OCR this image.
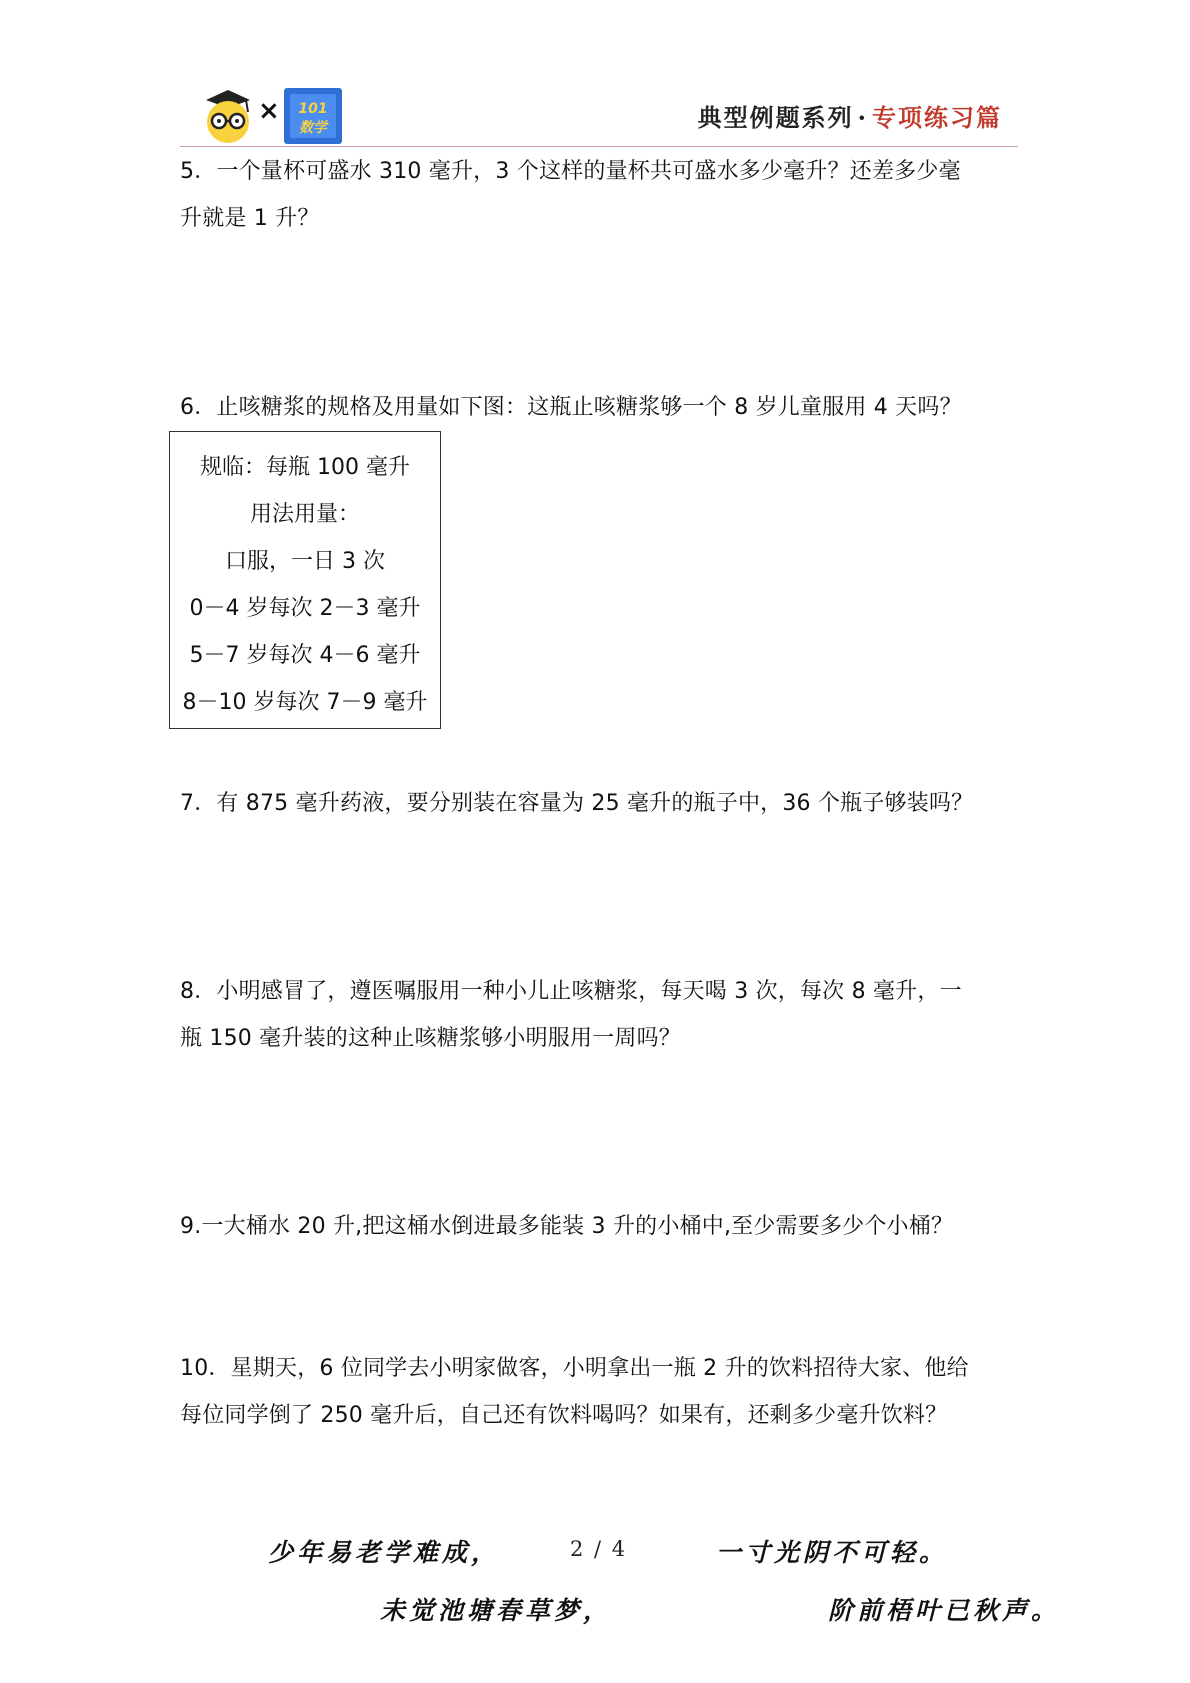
× 101
数学	典型例题系列 · 专项练习篇

5．一个量杯可盛水 310 毫升，3 个这样的量杯共可盛水多少毫升？还差多少毫

升就是 1 升？

6．止咳糖浆的规格及用量如下图：这瓶止咳糖浆够一个 8 岁儿童服用 4 天吗？

规临：每瓶 100 毫升

用法用量：

口服，一日 3 次

0－4 岁每次 2－3 毫升

5－7 岁每次 4－6 毫升

8－10 岁每次 7－9 毫升

7．有 875 毫升药液，要分别装在容量为 25 毫升的瓶子中，36 个瓶子够装吗？

8．小明感冒了，遵医嘱服用一种小儿止咳糖浆，每天喝 3 次，每次 8 毫升，一

瓶 150 毫升装的这种止咳糖浆够小明服用一周吗？

9.一大桶水 20 升,把这桶水倒进最多能装 3 升的小桶中,至少需要多少个小桶？

10．星期天，6 位同学去小明家做客，小明拿出一瓶 2 升的饮料招待大家、他给

每位同学倒了 250 毫升后，自己还有饮料喝吗？如果有，还剩多少毫升饮料？

少年易老学难成，	2 / 4	一寸光阴不可轻。
未觉池塘春草梦，	阶前梧叶已秋声。
